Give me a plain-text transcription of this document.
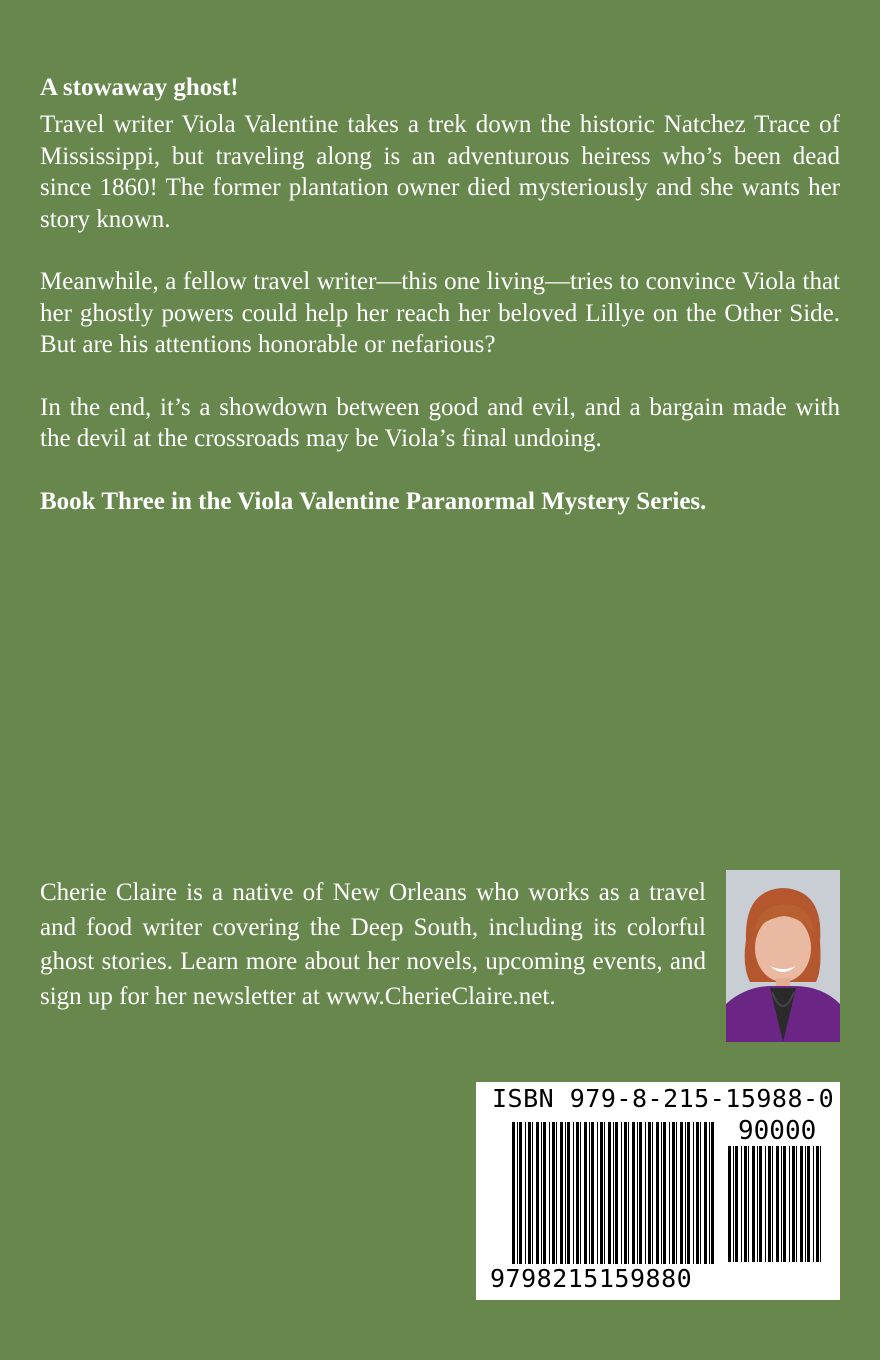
A stowaway ghost!

Travel writer Viola Valentine takes a trek down the historic Natchez Trace of Mississippi, but traveling along is an adventurous heiress who’s been dead since 1860! The former plantation owner died mysteriously and she wants her story known.

Meanwhile, a fellow travel writer—this one living—tries to convince Viola that her ghostly powers could help her reach her beloved Lillye on the Other Side. But are his attentions honorable or nefarious?

In the end, it’s a showdown between good and evil, and a bargain made with the devil at the crossroads may be Viola’s final undoing.

Book Three in the Viola Valentine Paranormal Mystery Series.

Cherie Claire is a native of New Orleans who works as a travel and food writer covering the Deep South, including its colorful ghost stories. Learn more about her novels, upcoming events, and sign up for her newsletter at www.CherieClaire.net.
ISBN 979-8-215-15988-0
90000
9798215159880
